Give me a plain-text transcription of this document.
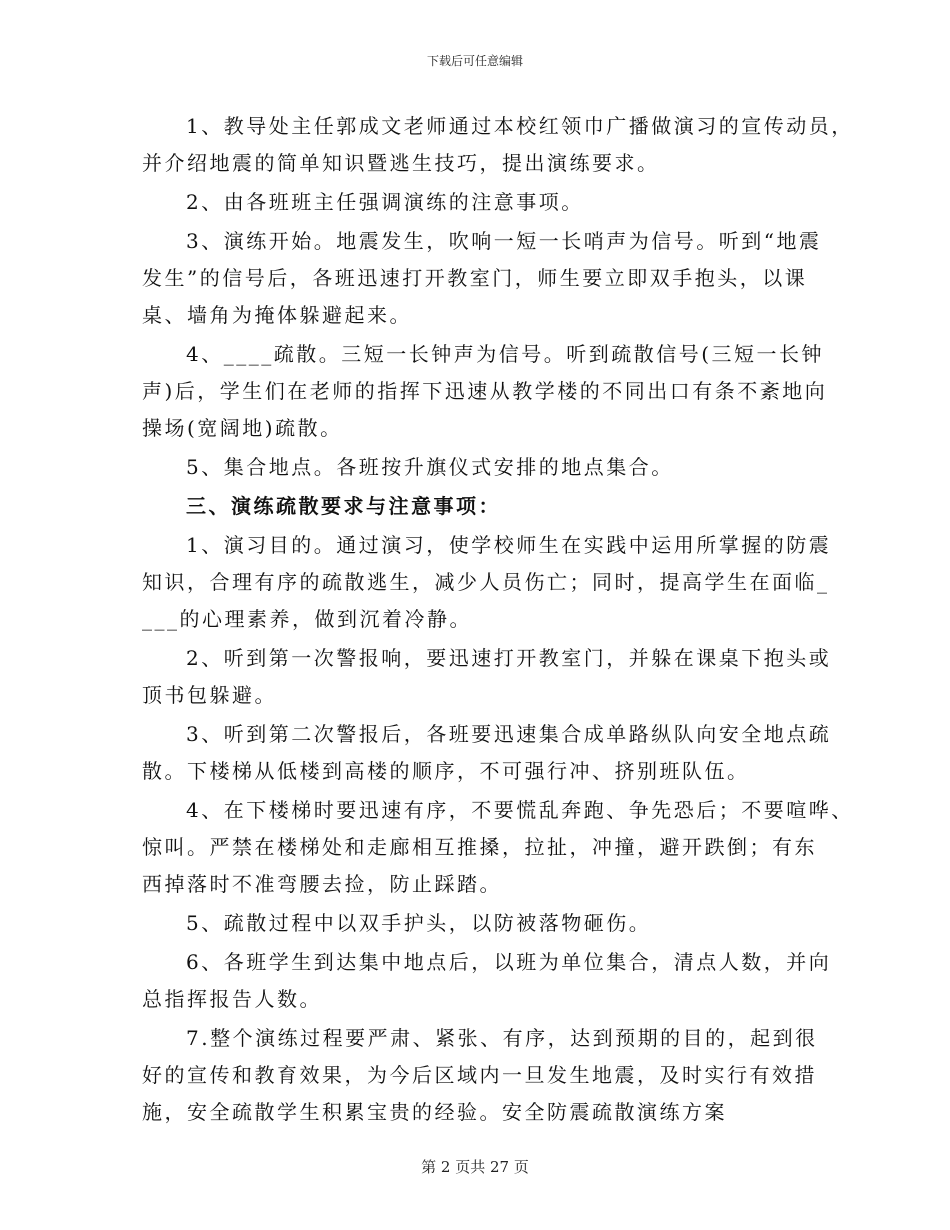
下载后可任意编辑
1、教导处主任郭成文老师通过本校红领巾广播做演习的宣传动员，
并介绍地震的简单知识暨逃生技巧，提出演练要求。
2、由各班班主任强调演练的注意事项。
3、演练开始。地震发生，吹响一短一长哨声为信号。听到“地震
发生”的信号后，各班迅速打开教室门，师生要立即双手抱头，以课
桌、墙角为掩体躲避起来。
4、____疏散。三短一长钟声为信号。听到疏散信号(三短一长钟
声)后，学生们在老师的指挥下迅速从教学楼的不同出口有条不紊地向
操场(宽阔地)疏散。
5、集合地点。各班按升旗仪式安排的地点集合。
三、演练疏散要求与注意事项：
1、演习目的。通过演习，使学校师生在实践中运用所掌握的防震
知识，合理有序的疏散逃生，减少人员伤亡；同时，提高学生在面临_
___的心理素养，做到沉着冷静。
2、听到第一次警报响，要迅速打开教室门，并躲在课桌下抱头或
顶书包躲避。
3、听到第二次警报后，各班要迅速集合成单路纵队向安全地点疏
散。下楼梯从低楼到高楼的顺序，不可强行冲、挤别班队伍。
4、在下楼梯时要迅速有序，不要慌乱奔跑、争先恐后；不要喧哗、
惊叫。严禁在楼梯处和走廊相互推搡，拉扯，冲撞，避开跌倒；有东
西掉落时不准弯腰去捡，防止踩踏。
5、疏散过程中以双手护头，以防被落物砸伤。
6、各班学生到达集中地点后，以班为单位集合，清点人数，并向
总指挥报告人数。
7.整个演练过程要严肃、紧张、有序，达到预期的目的，起到很
好的宣传和教育效果，为今后区域内一旦发生地震，及时实行有效措
施，安全疏散学生积累宝贵的经验。安全防震疏散演练方案
第 2 页共 27 页
